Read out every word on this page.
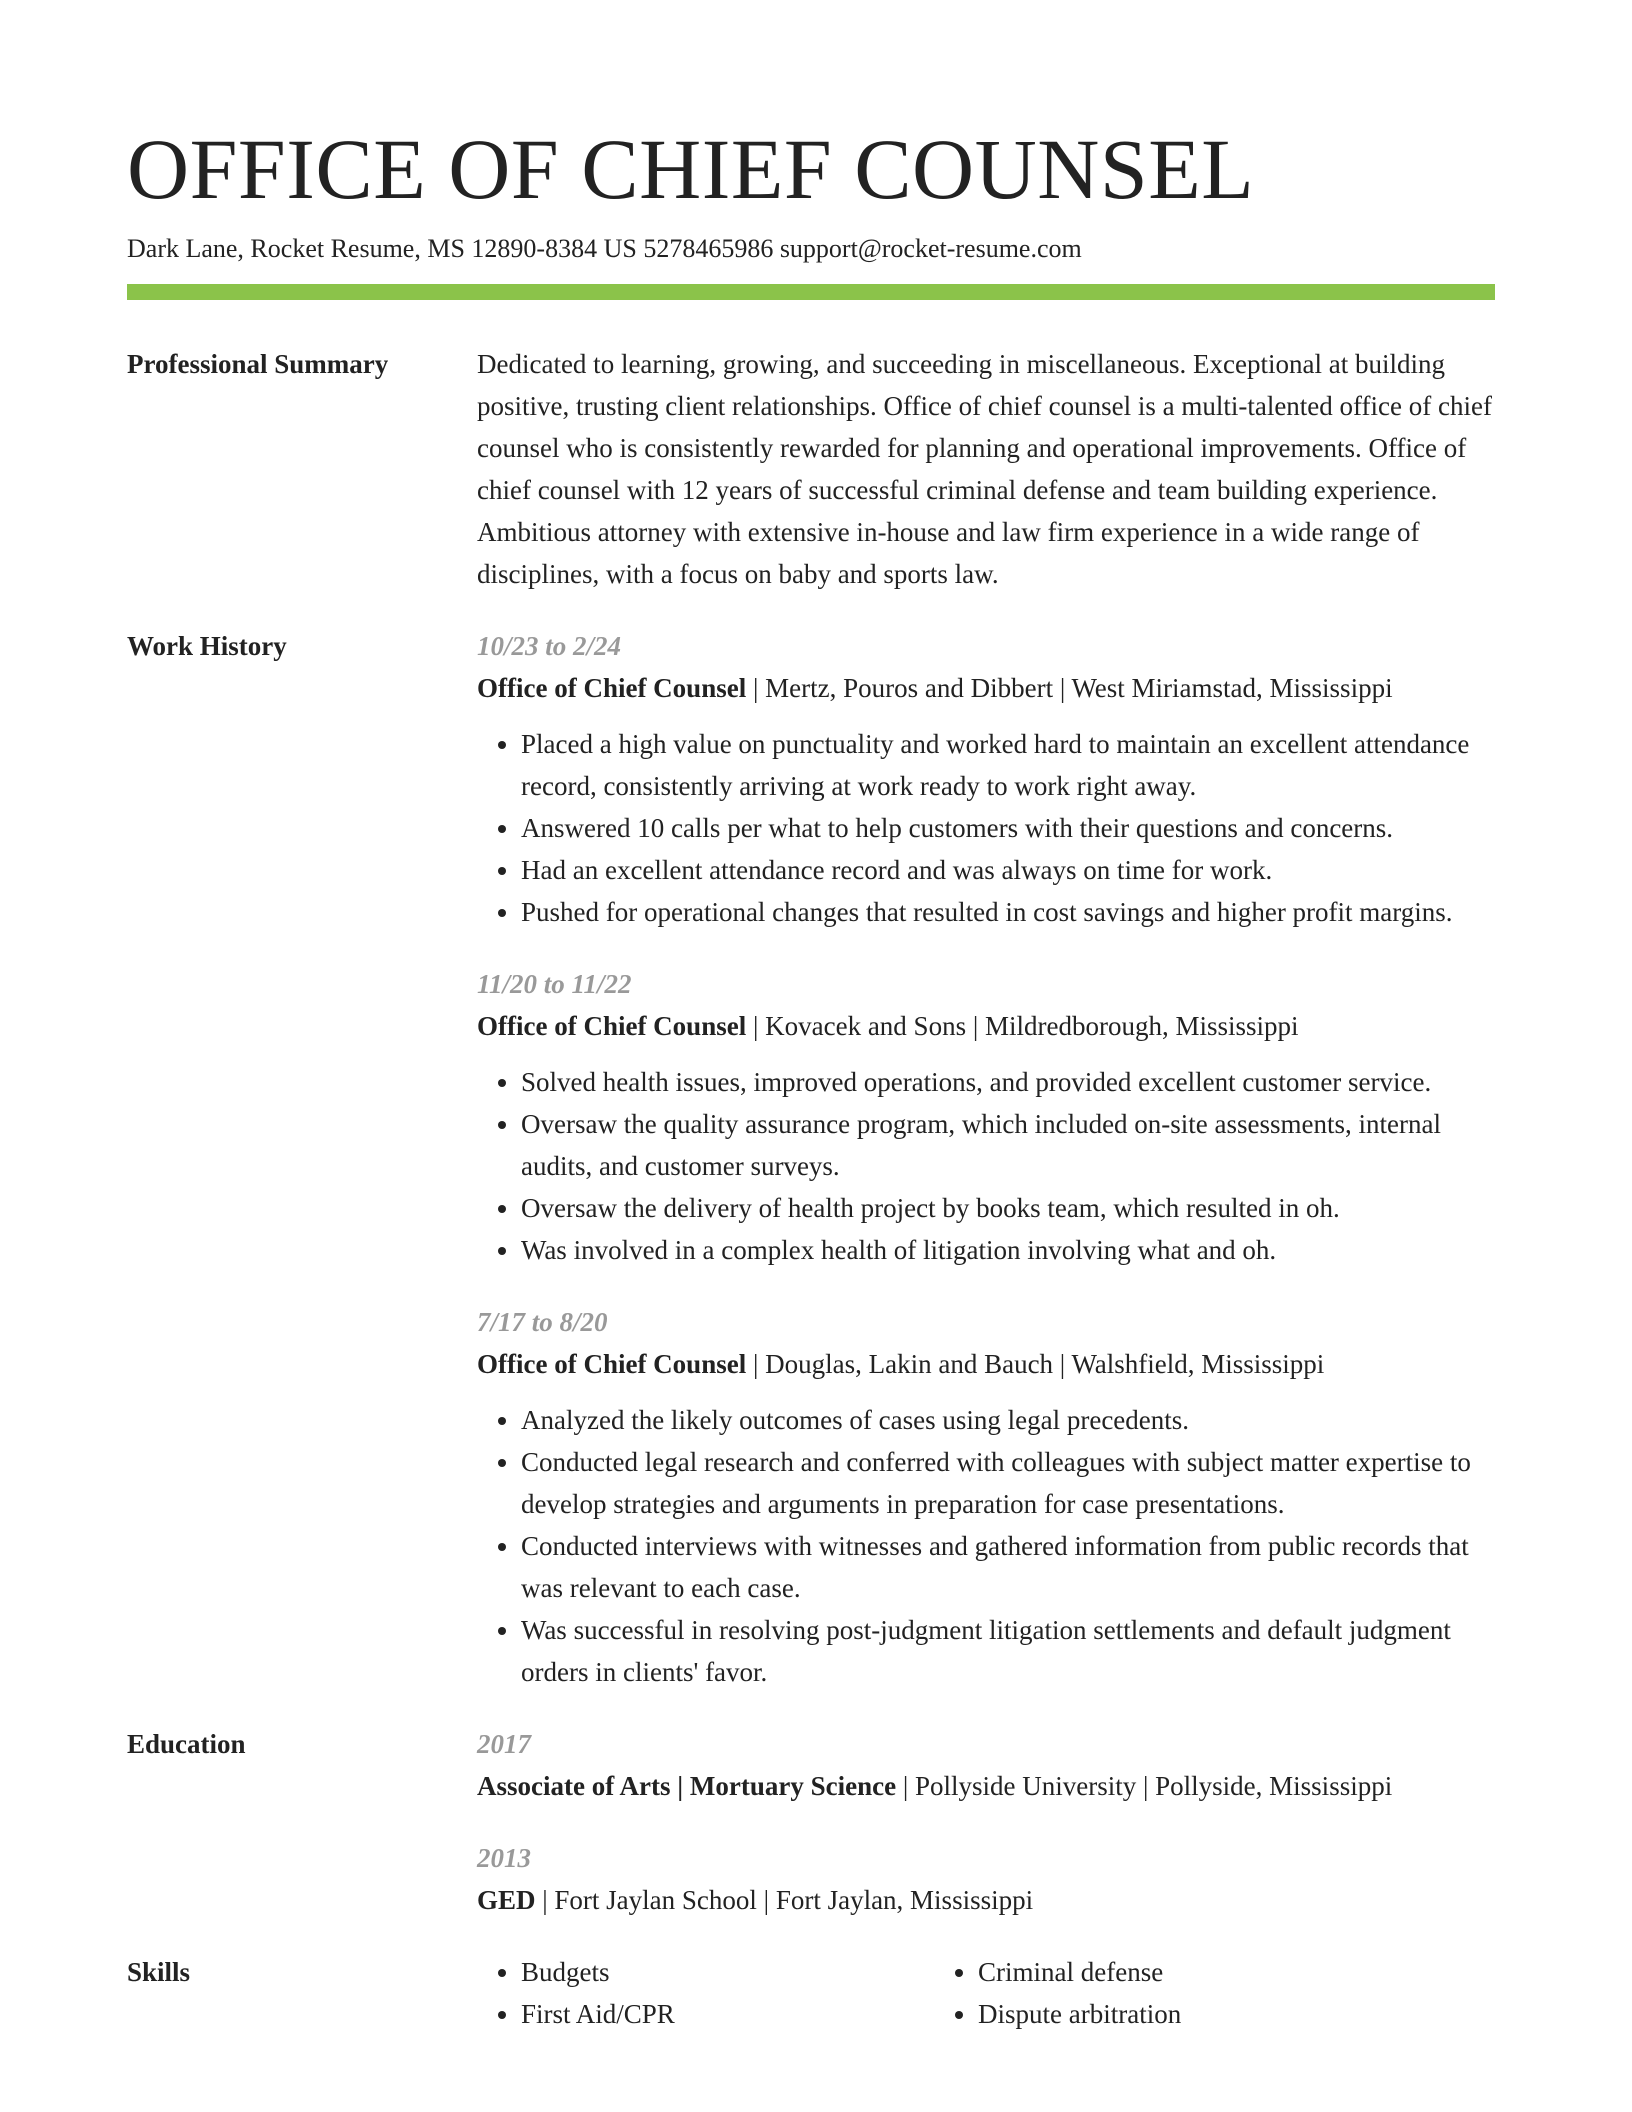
OFFICE OF CHIEF COUNSEL
Dark Lane, Rocket Resume, MS 12890-8384 US 5278465986 support@rocket-resume.com
Professional Summary	Dedicated to learning, growing, and succeeding in miscellaneous. Exceptional at building positive, trusting client relationships. Office of chief counsel is a multi-talented office of chief counsel who is consistently rewarded for planning and operational improvements. Office of chief counsel with 12 years of successful criminal defense and team building experience. Ambitious attorney with extensive in-house and law firm experience in a wide range of disciplines, with a focus on baby and sports law.

Work History	10/23 to 2/24
Office of Chief Counsel | Mertz, Pouros and Dibbert | West Miriamstad, Mississippi
• Placed a high value on punctuality and worked hard to maintain an excellent attendance record, consistently arriving at work ready to work right away.
• Answered 10 calls per what to help customers with their questions and concerns.
• Had an excellent attendance record and was always on time for work.
• Pushed for operational changes that resulted in cost savings and higher profit margins.
11/20 to 11/22
Office of Chief Counsel | Kovacek and Sons | Mildredborough, Mississippi
• Solved health issues, improved operations, and provided excellent customer service.
• Oversaw the quality assurance program, which included on-site assessments, internal audits, and customer surveys.
• Oversaw the delivery of health project by books team, which resulted in oh.
• Was involved in a complex health of litigation involving what and oh.
7/17 to 8/20
Office of Chief Counsel | Douglas, Lakin and Bauch | Walshfield, Mississippi
• Analyzed the likely outcomes of cases using legal precedents.
• Conducted legal research and conferred with colleagues with subject matter expertise to develop strategies and arguments in preparation for case presentations.
• Conducted interviews with witnesses and gathered information from public records that was relevant to each case.
• Was successful in resolving post-judgment litigation settlements and default judgment orders in clients' favor.
Education	2017
Associate of Arts | Mortuary Science | Pollyside University | Pollyside, Mississippi
2013
GED | Fort Jaylan School | Fort Jaylan, Mississippi
Skills
•	Budgets
• First Aid/CPR
• Criminal defense
• Dispute arbitration
